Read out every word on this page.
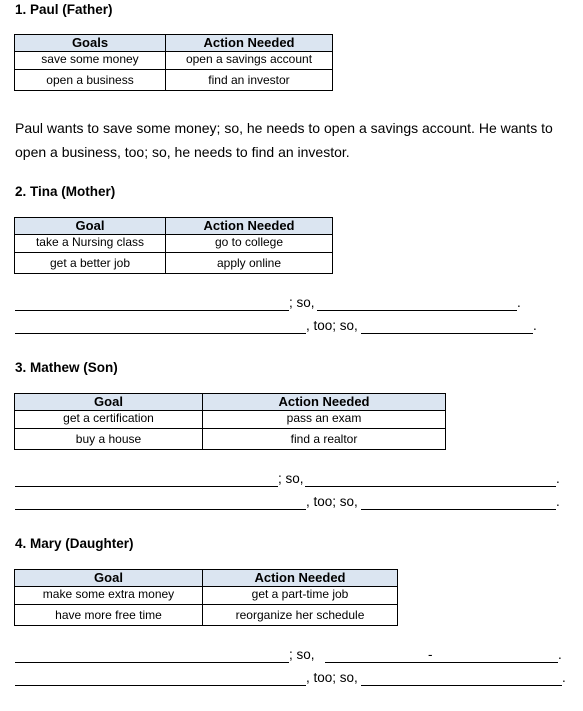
1. Paul (Father)
Goals	Action Needed
save some money	open a savings account
open a business	find an investor

Paul wants to save some money; so, he needs to open a savings account. He wants to open a business, too; so, he needs to find an investor.

2. Tina (Mother)
Goal	Action Needed
take a Nursing class	go to college
get a better job	apply online
; so,	.
, too; so,	.
3. Mathew (Son)
Goal	Action Needed
get a certification	pass an exam
buy a house	find a realtor
; so,	.
, too; so,	.
4. Mary (Daughter)
Goal	Action Needed
make some extra money	get a part-time job
have more free time	reorganize her schedule
; so,	-	.
, too; so,	.
